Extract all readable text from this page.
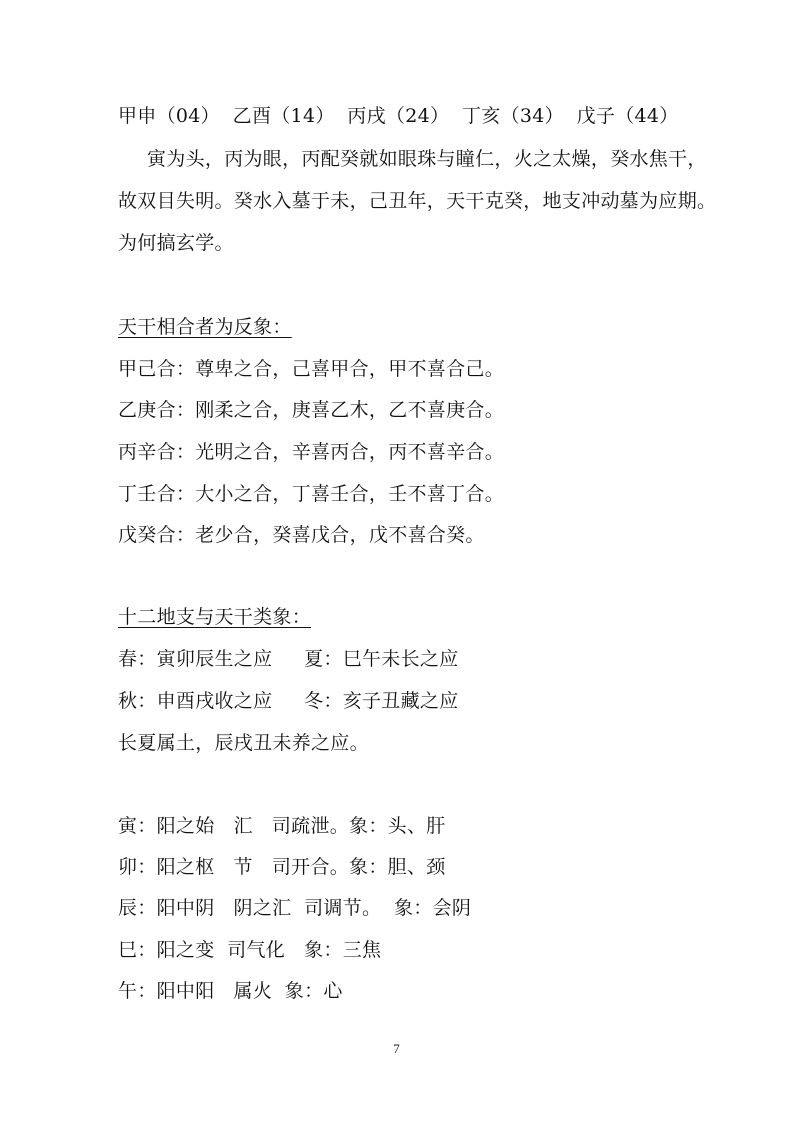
甲申（04）  乙酉（14）  丙戌（24）  丁亥（34）  戊子（44）
寅为头，丙为眼，丙配癸就如眼珠与瞳仁，火之太燥，癸水焦干，
故双目失明。癸水入墓于未，己丑年，天干克癸，地支冲动墓为应期。
为何搞玄学。
天干相合者为反象：
甲己合：尊卑之合，己喜甲合，甲不喜合己。
乙庚合：刚柔之合，庚喜乙木，乙不喜庚合。
丙辛合：光明之合，辛喜丙合，丙不喜辛合。
丁壬合：大小之合，丁喜壬合，壬不喜丁合。
戊癸合：老少合，癸喜戊合，戊不喜合癸。
十二地支与天干类象：
春：寅卯辰生之应     夏：巳午未长之应
秋：申酉戌收之应     冬：亥子丑藏之应
长夏属土，辰戌丑未养之应。
寅：阳之始   汇   司疏泄。象：头、肝
卯：阳之枢   节   司开合。象：胆、颈
辰：阳中阴   阴之汇  司调节。  象：会阴
巳：阳之变  司气化   象：三焦
午：阳中阳   属火  象：心
7
